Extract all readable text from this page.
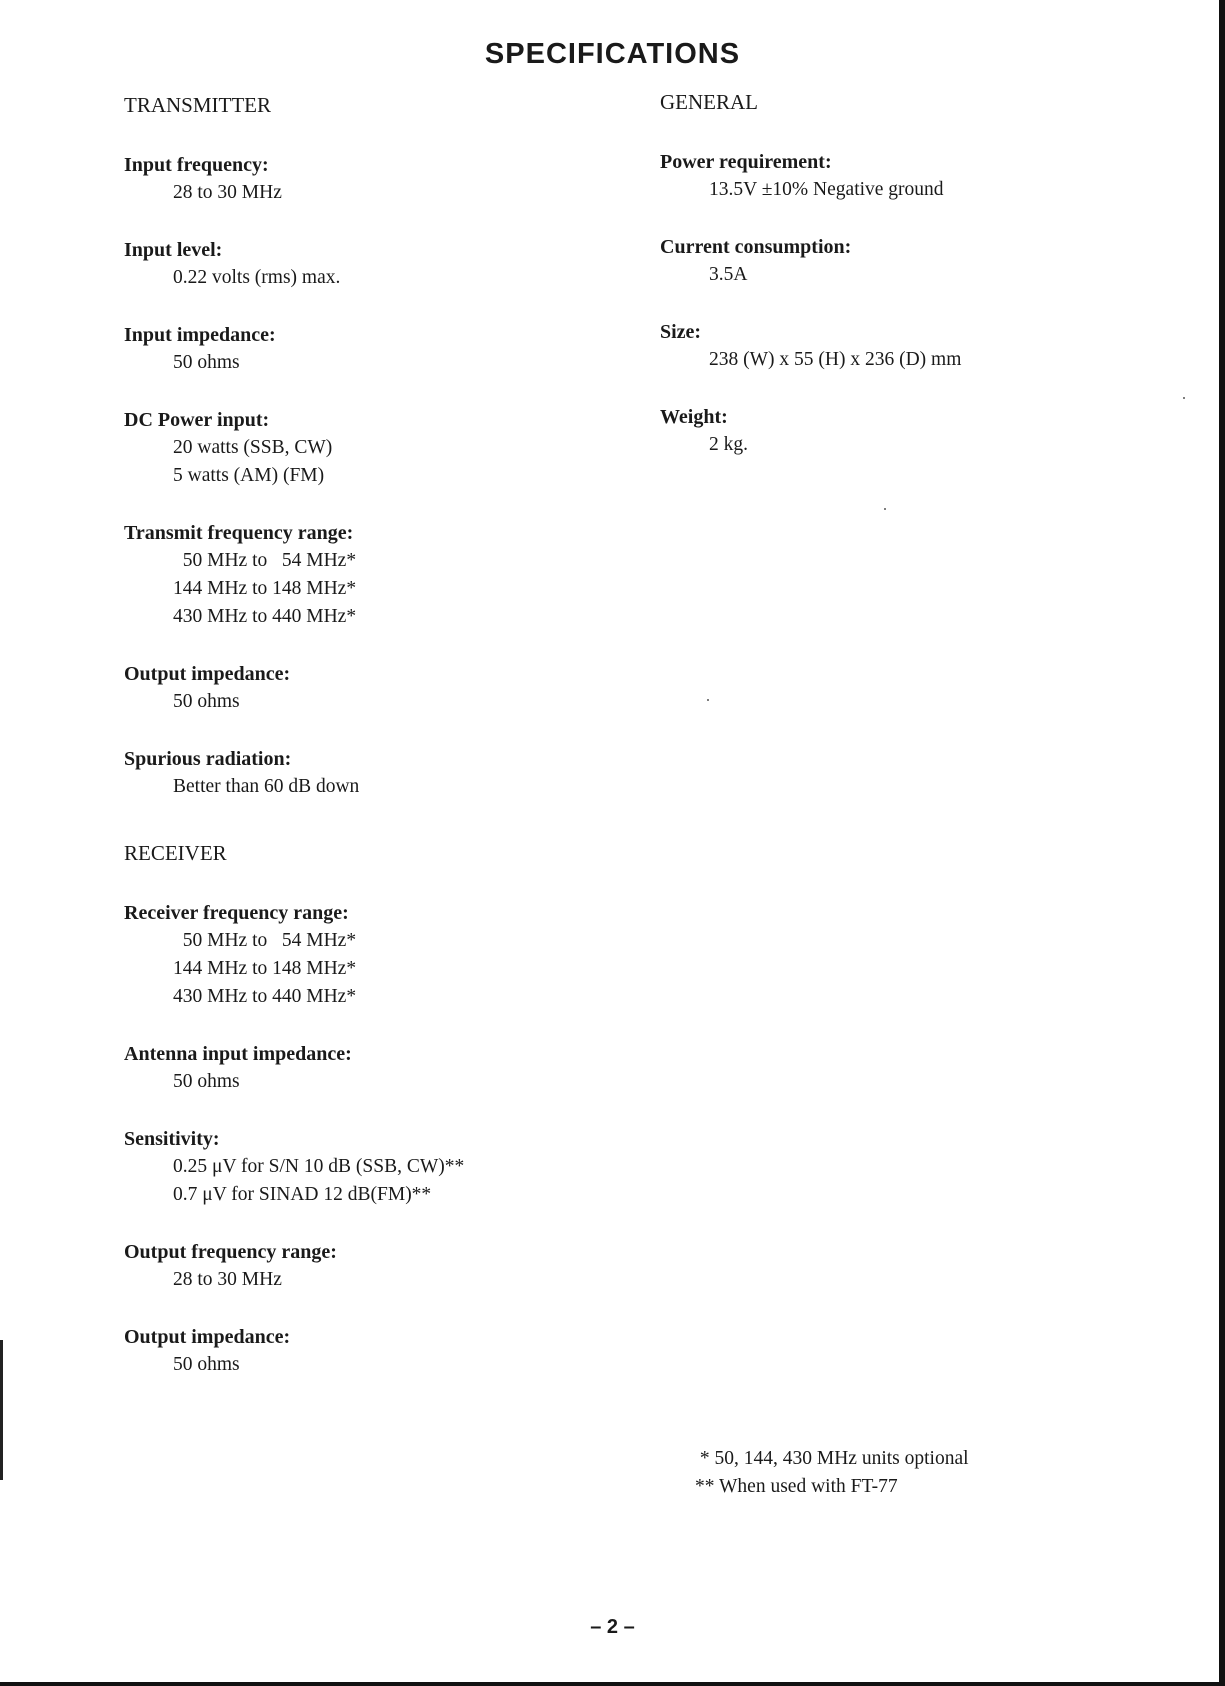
SPECIFICATIONS
TRANSMITTER
Input frequency:
28 to 30 MHz
Input level:
0.22 volts (rms) max.
Input impedance:
50 ohms
DC Power input:
20 watts (SSB, CW)
5 watts (AM) (FM)
Transmit frequency range:
50 MHz to   54 MHz*
144 MHz to 148 MHz*
430 MHz to 440 MHz*
Output impedance:
50 ohms
Spurious radiation:
Better than 60 dB down
RECEIVER
Receiver frequency range:
50 MHz to   54 MHz*
144 MHz to 148 MHz*
430 MHz to 440 MHz*
Antenna input impedance:
50 ohms
Sensitivity:
0.25 μV for S/N 10 dB (SSB, CW)**
0.7 μV for SINAD 12 dB(FM)**
Output frequency range:
28 to 30 MHz
Output impedance:
50 ohms
GENERAL
Power requirement:
13.5V ±10% Negative ground
Current consumption:
3.5A
Size:
238 (W) x 55 (H) x 236 (D) mm
Weight:
2 kg.
* 50, 144, 430 MHz units optional
** When used with FT-77
– 2 –
